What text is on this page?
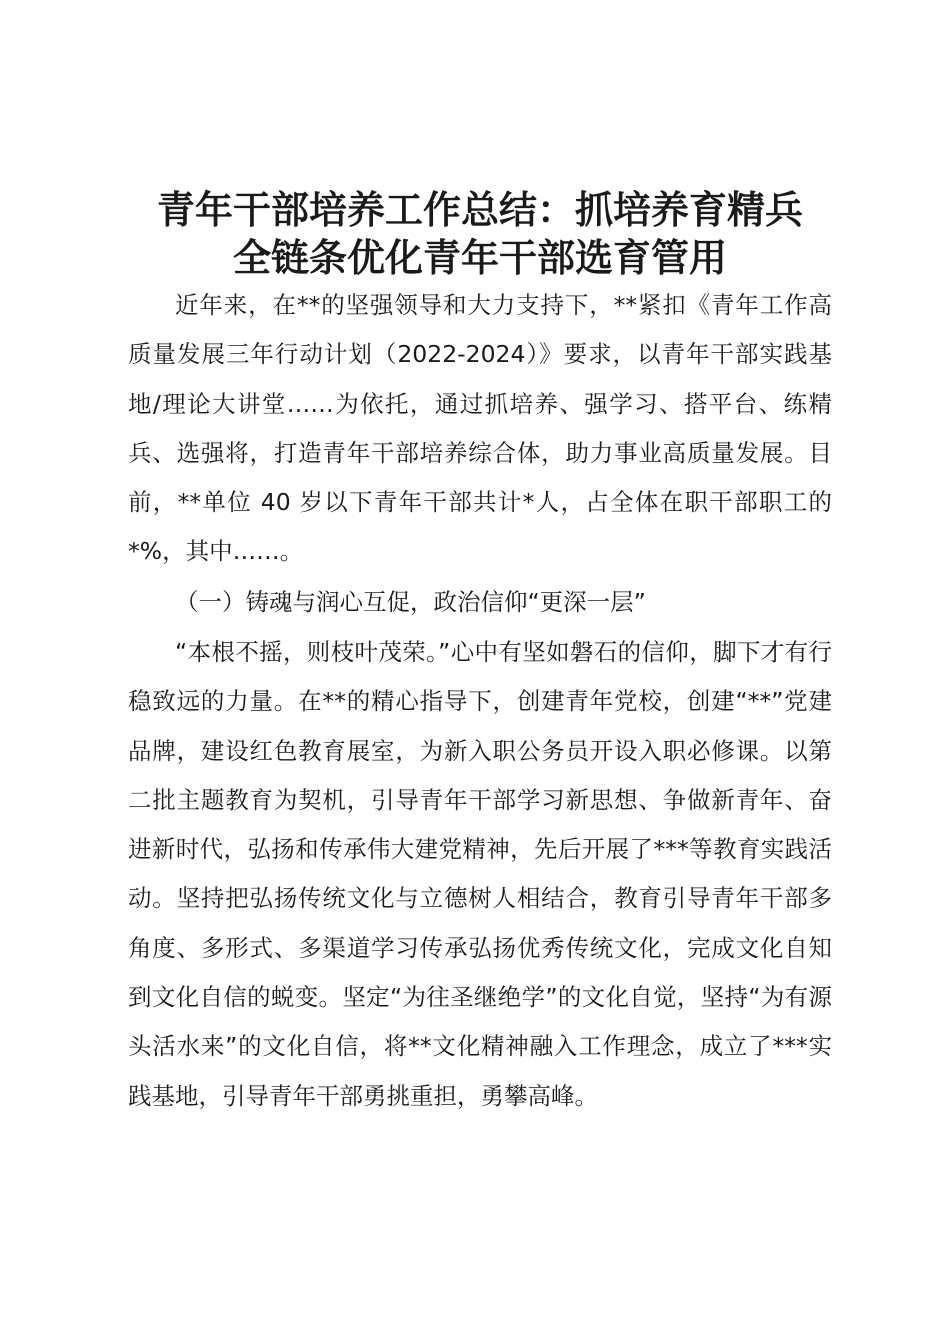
青年干部培养工作总结：抓培养育精兵
全链条优化青年干部选育管用

近年来，在**的坚强领导和大力支持下，**紧扣《青年工作高质量发展三年行动计划（2022-2024）》要求，以青年干部实践基地/理论大讲堂……为依托，通过抓培养、强学习、搭平台、练精兵、选强将，打造青年干部培养综合体，助力事业高质量发展。目前，**单位 40 岁以下青年干部共计*人，占全体在职干部职工的*%，其中……。

（一）铸魂与润心互促，政治信仰“更深一层”

“本根不摇，则枝叶茂荣。”心中有坚如磐石的信仰，脚下才有行稳致远的力量。在**的精心指导下，创建青年党校，创建“**”党建品牌，建设红色教育展室，为新入职公务员开设入职必修课。以第二批主题教育为契机，引导青年干部学习新思想、争做新青年、奋进新时代，弘扬和传承伟大建党精神，先后开展了***等教育实践活动。坚持把弘扬传统文化与立德树人相结合，教育引导青年干部多角度、多形式、多渠道学习传承弘扬优秀传统文化，完成文化自知到文化自信的蜕变。坚定“为往圣继绝学”的文化自觉，坚持“为有源头活水来”的文化自信，将**文化精神融入工作理念，成立了***实践基地，引导青年干部勇挑重担，勇攀高峰。
